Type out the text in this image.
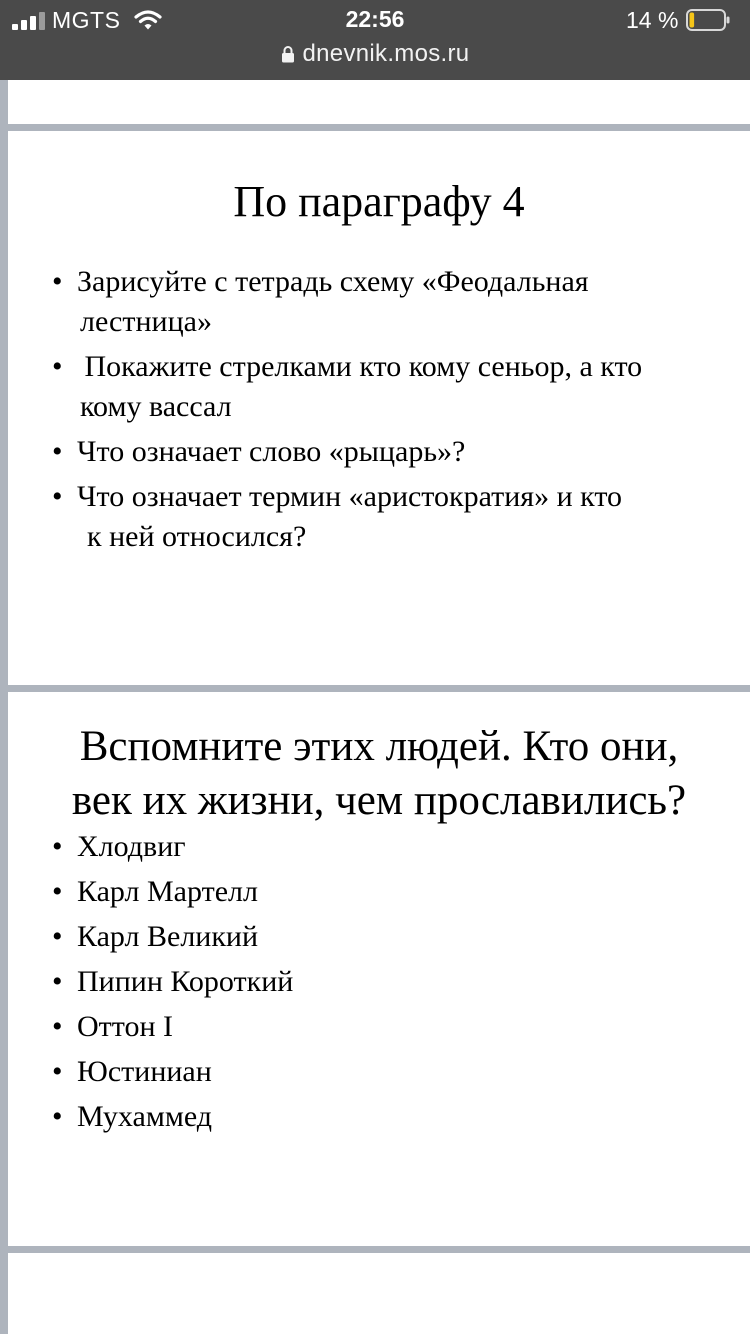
MGTS	22:56	14 %
dnevnik.mos.ru
По параграфу 4
• Зарисуйте с тетрадь схему «Феодальная
лестница»
•  Покажите стрелками кто кому сеньор, а кто
кому вассал
• Что означает слово «рыцарь»?
• Что означает термин «аристократия» и кто
к ней относился?
Вспомните этих людей. Кто они,
век их жизни, чем прославились?
• Хлодвиг
• Карл Мартелл
• Карл Великий
• Пипин Короткий
• Оттон I
• Юстиниан
• Мухаммед
